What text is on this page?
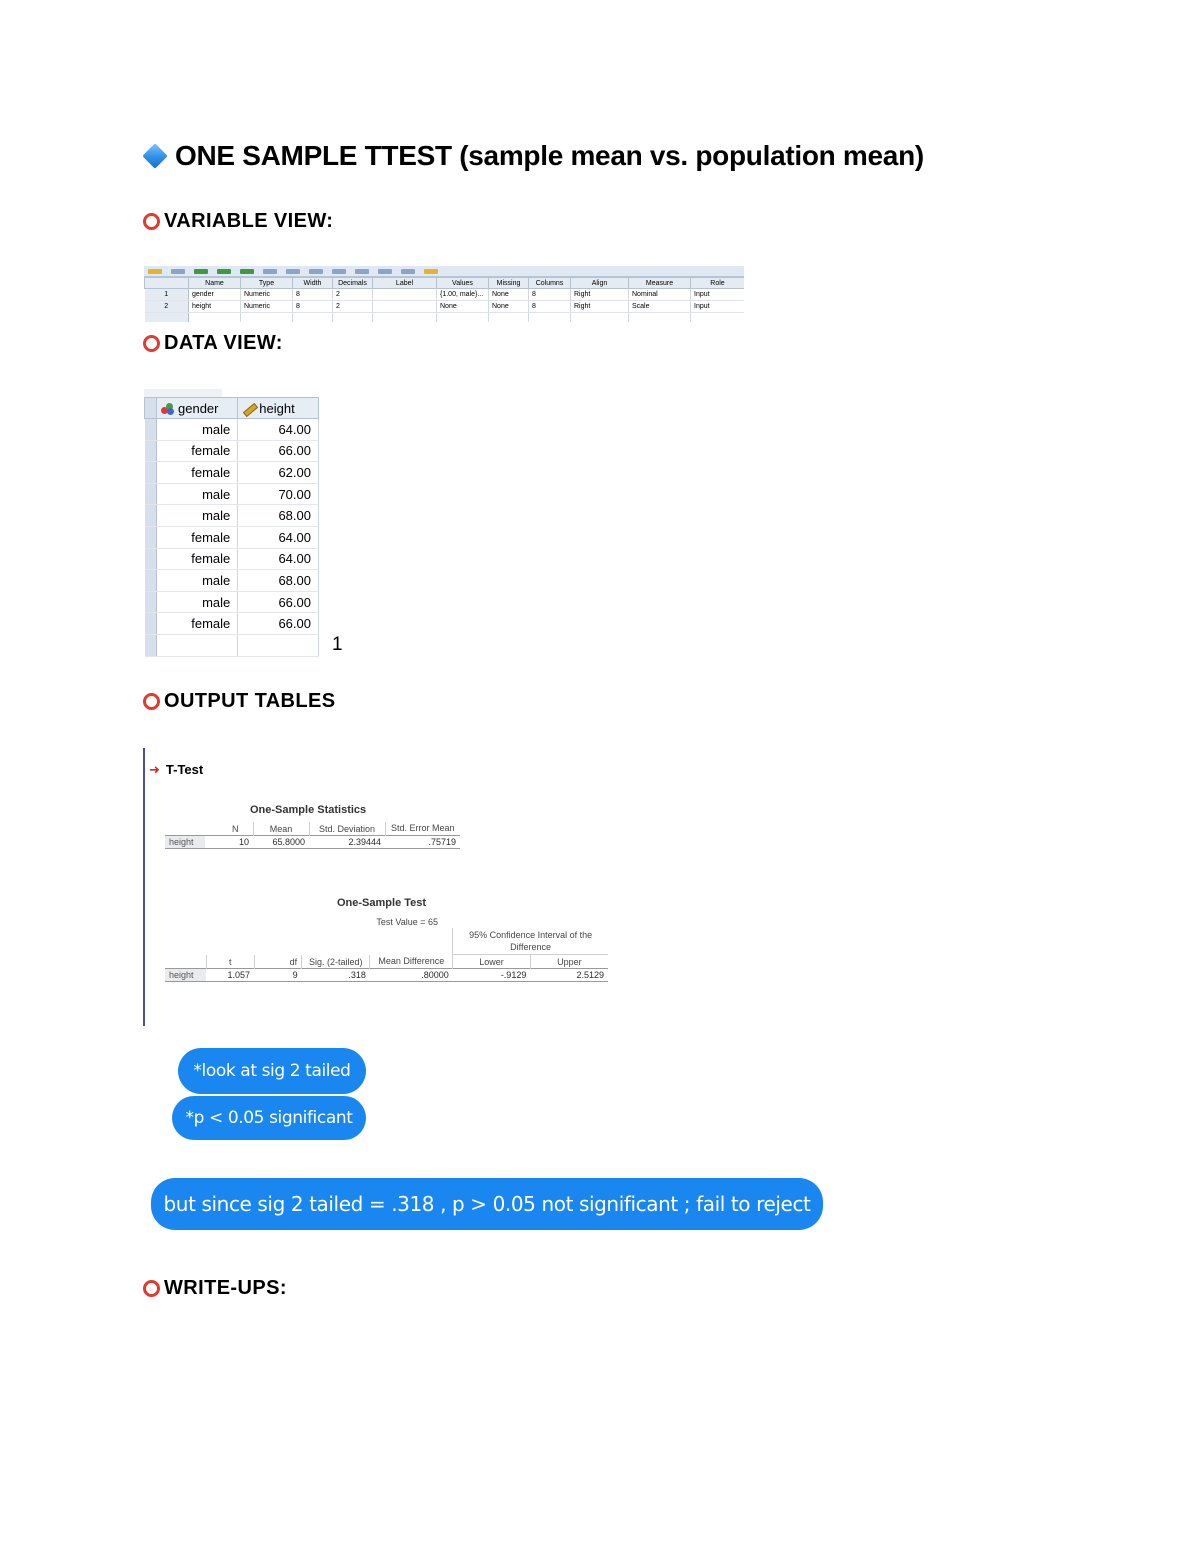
ONE SAMPLE TTEST (sample mean vs. population mean)
VARIABLE VIEW:
	Name	Type	Width	Decimals	Label	Values	Missing	Columns	Align	Measure	Role
1	gender	Numeric	8	2		{1.00, male}...	None	8	Right	Nominal	Input
2	height	Numeric	8	2		None	None	8	Right	Scale	Input

DATA VIEW:

gender	height	
	male	64.00	
	female	66.00	
	female	62.00	
	male	70.00	
	male	68.00	
	female	64.00	
	female	64.00	
	male	68.00	
	male	66.00	
	female	66.00	

1
OUTPUT TABLES
➜ T-Test
One-Sample Statistics
	N	Mean	Std. Deviation	Std. Error Mean
height	10	65.8000	2.39444	.75719
One-Sample Test
	Test Value = 65					
					95% Confidence Interval of the Difference	
	t	df	Sig. (2-tailed)	Mean Difference	Lower	Upper
height	1.057	9	.318	.80000	-.9129	2.5129
*look at sig 2 tailed
*p < 0.05 significant
but since sig 2 tailed = .318 , p > 0.05 not significant ; fail to reject
WRITE-UPS:
